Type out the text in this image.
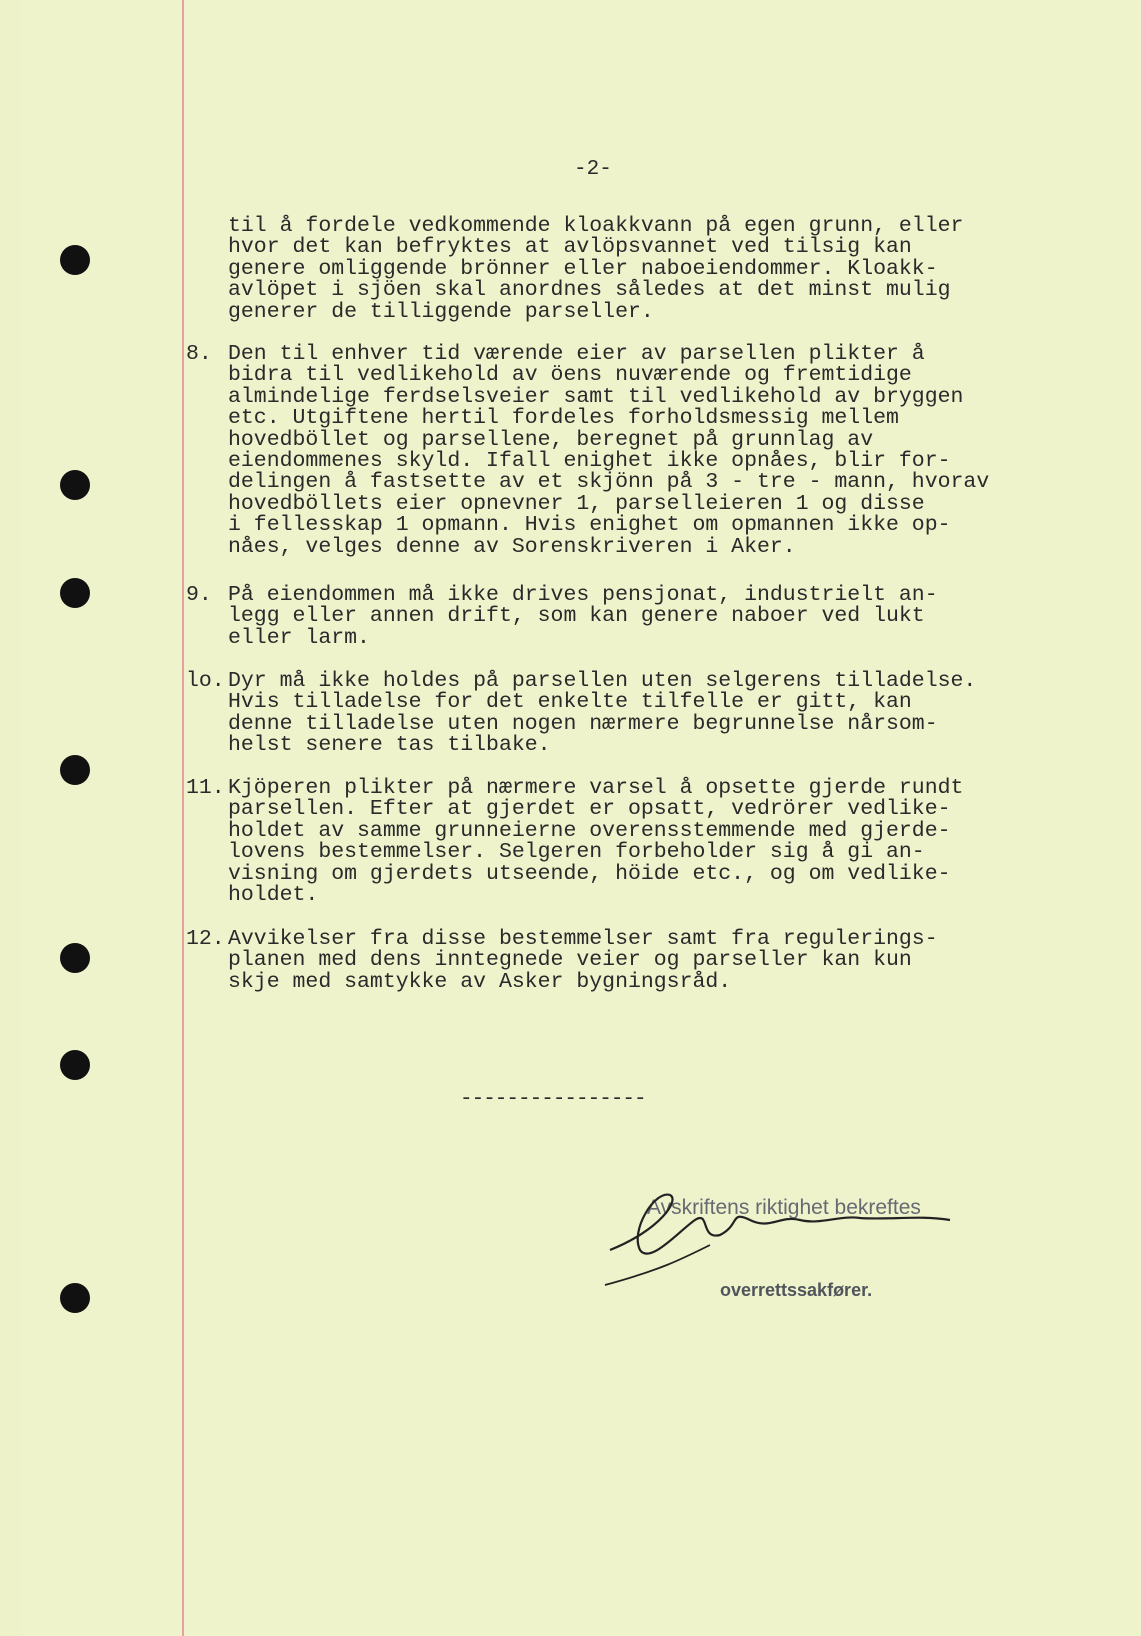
-2-
til å fordele vedkommende kloakkvann på egen grunn, eller
hvor det kan befryktes at avlöpsvannet ved tilsig kan
genere omliggende brönner eller naboeiendommer. Kloakk-
avlöpet i sjöen skal anordnes således at det minst mulig
generer de tilliggende parseller.
8. Den til enhver tid værende eier av parsellen plikter å
bidra til vedlikehold av öens nuværende og fremtidige
almindelige ferdselsveier samt til vedlikehold av bryggen
etc. Utgiftene hertil fordeles forholdsmessig mellem
hovedböllet og parsellene, beregnet på grunnlag av
eiendommenes skyld. Ifall enighet ikke opnåes, blir for-
delingen å fastsette av et skjönn på 3 - tre - mann, hvorav
hovedböllets eier opnevner 1, parselleieren 1 og disse
i fellesskap 1 opmann. Hvis enighet om opmannen ikke op-
nåes, velges denne av Sorenskriveren i Aker.
9. På eiendommen må ikke drives pensjonat, industrielt an-
legg eller annen drift, som kan genere naboer ved lukt
eller larm.
lo. Dyr må ikke holdes på parsellen uten selgerens tilladelse.
Hvis tilladelse for det enkelte tilfelle er gitt, kan
denne tilladelse uten nogen nærmere begrunnelse nårsom-
helst senere tas tilbake.
11. Kjöperen plikter på nærmere varsel å opsette gjerde rundt
parsellen. Efter at gjerdet er opsatt, vedrörer vedlike-
holdet av samme grunneierne overensstemmende med gjerde-
lovens bestemmelser. Selgeren forbeholder sig å gi an-
visning om gjerdets utseende, höide etc., og om vedlike-
holdet.
12. Avvikelser fra disse bestemmelser samt fra regulerings-
planen med dens inntegnede veier og parseller kan kun
skje med samtykke av Asker bygningsråd.
----------------
Avskriftens riktighet bekreftes
overrettssakfører.
